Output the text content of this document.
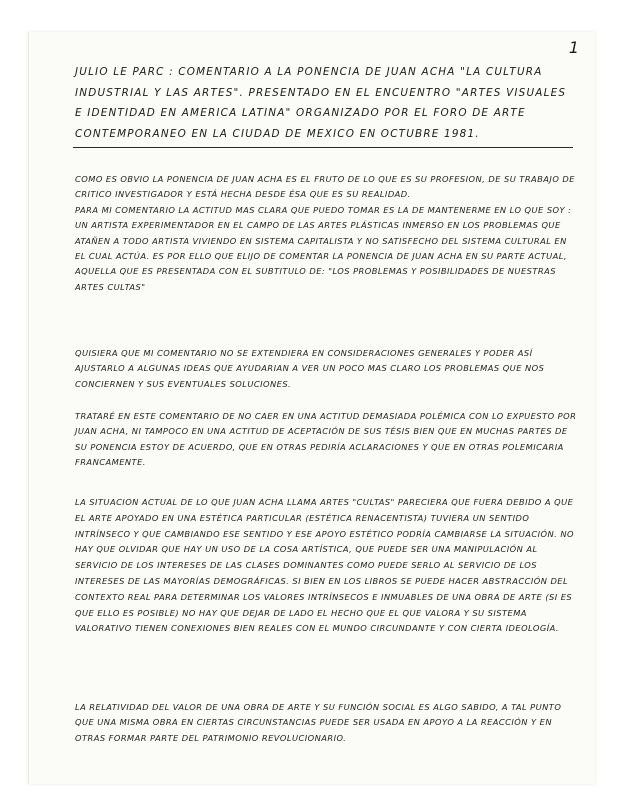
1

JULIO LE PARC : COMENTARIO A LA PONENCIA DE JUAN ACHA "LA CULTURA INDUSTRIAL Y LAS ARTES". PRESENTADO EN EL ENCUENTRO "ARTES VISUALES E IDENTIDAD EN AMERICA LATINA" ORGANIZADO POR EL FORO DE ARTE CONTEMPORANEO EN LA CIUDAD DE MEXICO EN OCTUBRE 1981.

COMO ES OBVIO LA PONENCIA DE JUAN ACHA ES EL FRUTO DE LO QUE ES SU PROFESION, DE SU TRABAJO DE CRITICO INVESTIGADOR Y ESTÁ HECHA DESDE ÉSA QUE ES SU REALIDAD.
PARA MI COMENTARIO LA ACTITUD MAS CLARA QUE PUEDO TOMAR ES LA DE MANTENERME EN LO QUE SOY : UN ARTISTA EXPERIMENTADOR EN EL CAMPO DE LAS ARTES PLÁSTICAS INMERSO EN LOS PROBLEMAS QUE ATAÑEN A TODO ARTISTA VIVIENDO EN SISTEMA CAPITALISTA Y NO SATISFECHO DEL SISTEMA CULTURAL EN EL CUAL ACTÚA. ES POR ELLO QUE ELIJO DE COMENTAR LA PONENCIA DE JUAN ACHA EN SU PARTE ACTUAL, AQUELLA QUE ES PRESENTADA CON EL SUBTITULO DE: "LOS PROBLEMAS Y POSIBILIDADES DE NUESTRAS ARTES CULTAS"

QUISIERA QUE MI COMENTARIO NO SE EXTENDIERA EN CONSIDERACIONES GENERALES Y PODER ASÍ AJUSTARLO A ALGUNAS IDEAS QUE AYUDARIAN A VER UN POCO MAS CLARO LOS PROBLEMAS QUE NOS CONCIERNEN Y SUS EVENTUALES SOLUCIONES.

TRATARÉ EN ESTE COMENTARIO DE NO CAER EN UNA ACTITUD DEMASIADA POLÉMICA CON LO EXPUESTO POR JUAN ACHA, NI TAMPOCO EN UNA ACTITUD DE ACEPTACIÓN DE SUS TÉSIS BIEN QUE EN MUCHAS PARTES DE SU PONENCIA ESTOY DE ACUERDO, QUE EN OTRAS PEDIRÍA ACLARACIONES Y QUE EN OTRAS POLEMICARIA FRANCAMENTE.

LA SITUACION ACTUAL DE LO QUE JUAN ACHA LLAMA ARTES "CULTAS" PARECIERA QUE FUERA DEBIDO A QUE EL ARTE APOYADO EN UNA ESTÉTICA PARTICULAR (ESTÉTICA RENACENTISTA) TUVIERA UN SENTIDO INTRÍNSECO Y QUE CAMBIANDO ESE SENTIDO Y ESE APOYO ESTÉTICO PODRÍA CAMBIARSE LA SITUACIÓN. NO HAY QUE OLVIDAR QUE HAY UN USO DE LA COSA ARTÍSTICA, QUE PUEDE SER UNA MANIPULACIÓN AL SERVICIO DE LOS INTERESES DE LAS CLASES DOMINANTES COMO PUEDE SERLO AL SERVICIO DE LOS INTERESES DE LAS MAYORÍAS DEMOGRÁFICAS. SI BIEN EN LOS LIBROS SE PUEDE HACER ABSTRACCIÓN DEL CONTEXTO REAL PARA DETERMINAR LOS VALORES INTRÍNSECOS E INMUABLES DE UNA OBRA DE ARTE (SI ES QUE ELLO ES POSIBLE) NO HAY QUE DEJAR DE LADO EL HECHO QUE EL QUE VALORA Y SU SISTEMA VALORATIVO TIENEN CONEXIONES BIEN REALES CON EL MUNDO CIRCUNDANTE Y CON CIERTA IDEOLOGÍA.

LA RELATIVIDAD DEL VALOR DE UNA OBRA DE ARTE Y SU FUNCIÓN SOCIAL ES ALGO SABIDO, A TAL PUNTO QUE UNA MISMA OBRA EN CIERTAS CIRCUNSTANCIAS PUEDE SER USADA EN APOYO A LA REACCIÓN Y EN OTRAS FORMAR PARTE DEL PATRIMONIO REVOLUCIONARIO.
